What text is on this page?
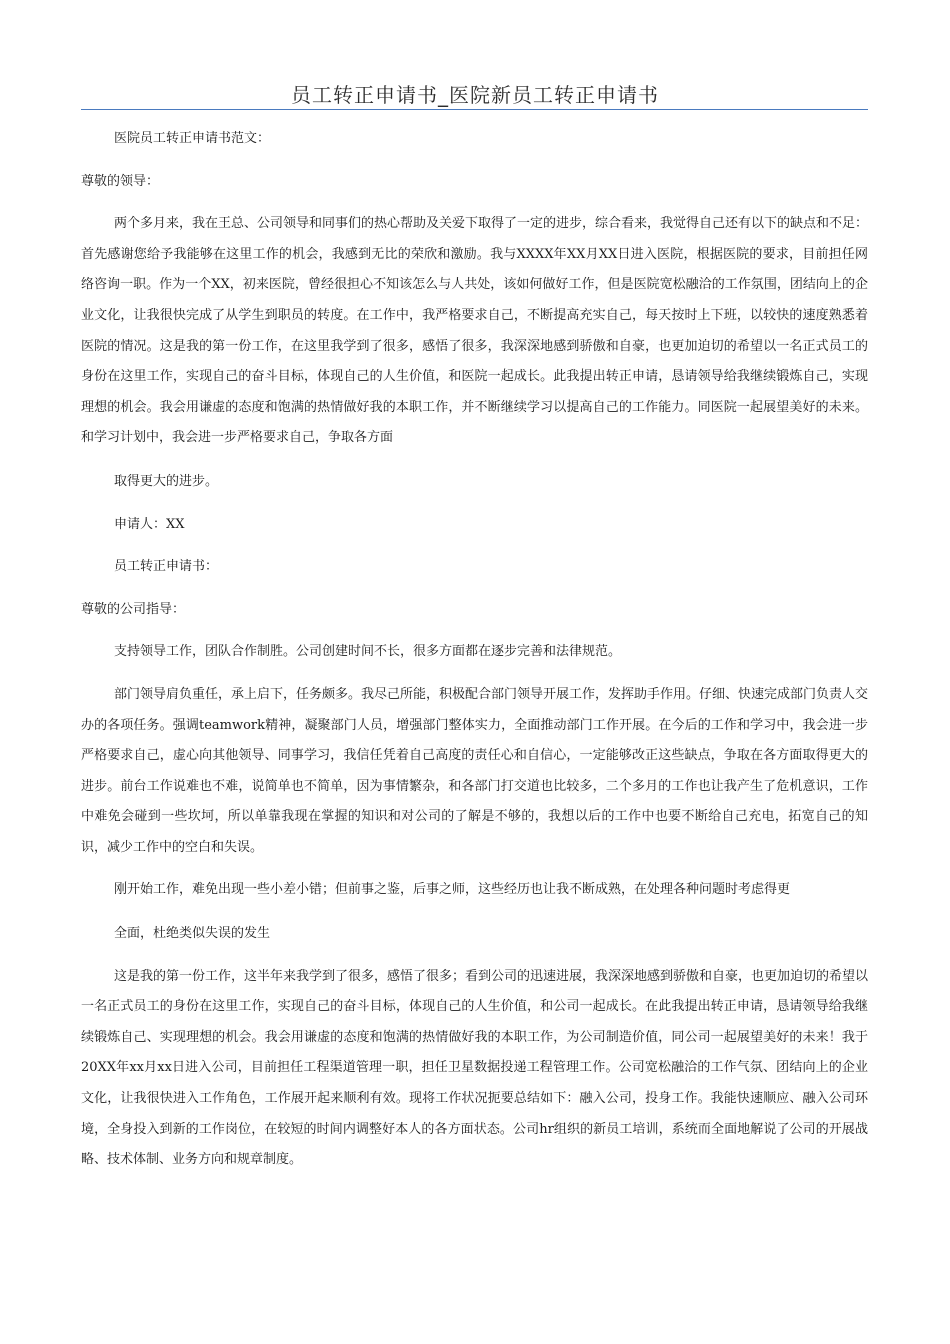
员工转正申请书_医院新员工转正申请书

医院员工转正申请书范文：

尊敬的领导：

两个多月来，我在王总、公司领导和同事们的热心帮助及关爱下取得了一定的进步，综合看来，我觉得自己还有以下的缺点和不足：首先感谢您给予我能够在这里工作的机会，我感到无比的荣欣和激励。我与XXXX年XX月XX日进入医院，根据医院的要求，目前担任网络咨询一职。作为一个XX，初来医院，曾经很担心不知该怎么与人共处，该如何做好工作，但是医院宽松融洽的工作氛围，团结向上的企业文化，让我很快完成了从学生到职员的转度。在工作中，我严格要求自己，不断提高充实自己，每天按时上下班，以较快的速度熟悉着医院的情况。这是我的第一份工作，在这里我学到了很多，感悟了很多，我深深地感到骄傲和自豪，也更加迫切的希望以一名正式员工的身份在这里工作，实现自己的奋斗目标，体现自己的人生价值，和医院一起成长。此我提出转正申请，恳请领导给我继续锻炼自己，实现理想的机会。我会用谦虚的态度和饱满的热情做好我的本职工作，并不断继续学习以提高自己的工作能力。同医院一起展望美好的未来。和学习计划中，我会进一步严格要求自己，争取各方面

取得更大的进步。

申请人：XX

员工转正申请书：

尊敬的公司指导：

支持领导工作，团队合作制胜。公司创建时间不长，很多方面都在逐步完善和法律规范。

部门领导肩负重任，承上启下，任务颇多。我尽己所能，积极配合部门领导开展工作，发挥助手作用。仔细、快速完成部门负责人交办的各项任务。强调teamwork精神，凝聚部门人员，增强部门整体实力，全面推动部门工作开展。在今后的工作和学习中，我会进一步严格要求自己，虚心向其他领导、同事学习，我信任凭着自己高度的责任心和自信心，一定能够改正这些缺点，争取在各方面取得更大的进步。前台工作说难也不难，说简单也不简单，因为事情繁杂，和各部门打交道也比较多，二个多月的工作也让我产生了危机意识，工作中难免会碰到一些坎坷，所以单靠我现在掌握的知识和对公司的了解是不够的，我想以后的工作中也要不断给自己充电，拓宽自己的知识，减少工作中的空白和失误。

刚开始工作，难免出现一些小差小错；但前事之鉴，后事之师，这些经历也让我不断成熟，在处理各种问题时考虑得更

全面，杜绝类似失误的发生

这是我的第一份工作，这半年来我学到了很多，感悟了很多；看到公司的迅速进展，我深深地感到骄傲和自豪，也更加迫切的希望以一名正式员工的身份在这里工作，实现自己的奋斗目标，体现自己的人生价值，和公司一起成长。在此我提出转正申请，恳请领导给我继续锻炼自己、实现理想的机会。我会用谦虚的态度和饱满的热情做好我的本职工作，为公司制造价值，同公司一起展望美好的未来！我于20XX年xx月xx日进入公司，目前担任工程渠道管理一职，担任卫星数据投递工程管理工作。公司宽松融洽的工作气氛、团结向上的企业文化，让我很快进入工作角色，工作展开起来顺利有效。现将工作状况扼要总结如下：融入公司，投身工作。我能快速顺应、融入公司环境，全身投入到新的工作岗位，在较短的时间内调整好本人的各方面状态。公司hr组织的新员工培训，系统而全面地解说了公司的开展战略、技术体制、业务方向和规章制度。
